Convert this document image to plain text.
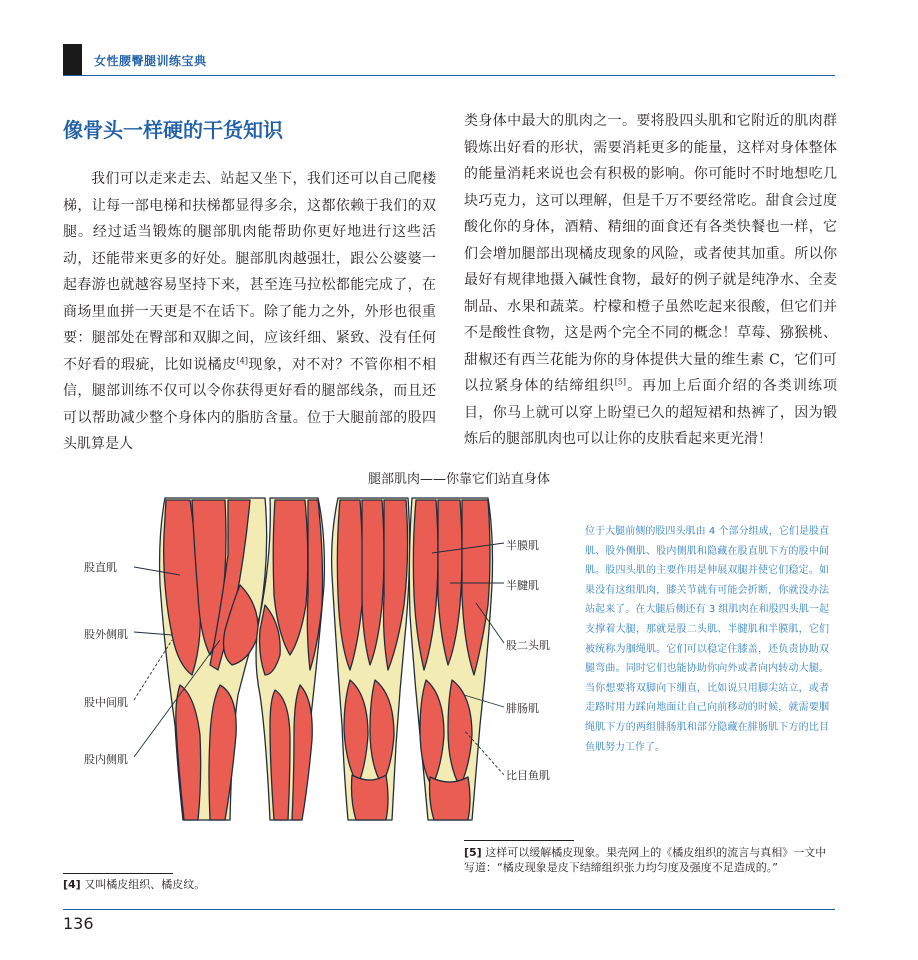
女性腰臀腿训练宝典
像骨头一样硬的干货知识

我们可以走来走去、站起又坐下，我们还可以自己爬楼梯，让每一部电梯和扶梯都显得多余，这都依赖于我们的双腿。经过适当锻炼的腿部肌肉能帮助你更好地进行这些活动，还能带来更多的好处。腿部肌肉越强壮，跟公公婆婆一起春游也就越容易坚持下来，甚至连马拉松都能完成了，在商场里血拼一天更是不在话下。除了能力之外，外形也很重要：腿部处在臀部和双脚之间，应该纤细、紧致、没有任何不好看的瑕疵，比如说橘皮[4]现象，对不对？不管你相不相信，腿部训练不仅可以令你获得更好看的腿部线条，而且还可以帮助减少整个身体内的脂肪含量。位于大腿前部的股四头肌算是人

类身体中最大的肌肉之一。要将股四头肌和它附近的肌肉群锻炼出好看的形状，需要消耗更多的能量，这样对身体整体的能量消耗来说也会有积极的影响。你可能时不时地想吃几块巧克力，这可以理解，但是千万不要经常吃。甜食会过度酸化你的身体，酒精、精细的面食还有各类快餐也一样，它们会增加腿部出现橘皮现象的风险，或者使其加重。所以你最好有规律地摄入碱性食物，最好的例子就是纯净水、全麦制品、水果和蔬菜。柠檬和橙子虽然吃起来很酸，但它们并不是酸性食物，这是两个完全不同的概念！草莓、猕猴桃、甜椒还有西兰花能为你的身体提供大量的维生素 C，它们可以拉紧身体的结缔组织[5]。再加上后面介绍的各类训练项目，你马上就可以穿上盼望已久的超短裙和热裤了，因为锻炼后的腿部肌肉也可以让你的皮肤看起来更光滑！

腿部肌肉——你靠它们站直身体
股直肌
股外侧肌
股中间肌
股内侧肌
半膜肌
半腱肌
股二头肌
腓肠肌
比目鱼肌
位于大腿前侧的股四头肌由 4 个部分组成，它们是股直肌、股外侧肌、股内侧肌和隐藏在股直肌下方的股中间肌。股四头肌的主要作用是伸展双腿并使它们稳定。如果没有这组肌肉，膝关节就有可能会折断，你就没办法站起来了。在大腿后侧还有 3 组肌肉在和股四头肌一起支撑着大腿，那就是股二头肌、半腱肌和半膜肌，它们被统称为腘绳肌。它们可以稳定住膝盖，还负责协助双腿弯曲。同时它们也能协助你向外或者向内转动大腿。当你想要将双脚向下绷直，比如说只用脚尖站立，或者走路时用力踩向地面让自己向前移动的时候，就需要腘绳肌下方的两组腓肠肌和部分隐藏在腓肠肌下方的比目鱼肌努力工作了。
[4] 又叫橘皮组织、橘皮纹。
[5] 这样可以缓解橘皮现象。果壳网上的《橘皮组织的流言与真相》一文中写道：“橘皮现象是皮下结缔组织张力均匀度及强度不足造成的。”
136
